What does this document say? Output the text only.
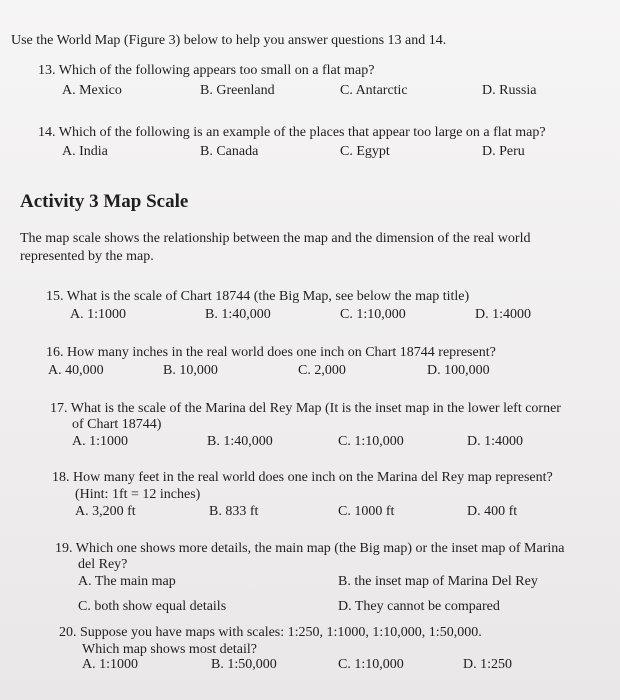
Use the World Map (Figure 3) below to help you answer questions 13 and 14.
13. Which of the following appears too small on a flat map?
A. Mexico	B. Greenland	C. Antarctic	D. Russia
14. Which of the following is an example of the places that appear too large on a flat map?
A. India	B. Canada	C. Egypt	D. Peru
Activity 3 Map Scale
The map scale shows the relationship between the map and the dimension of the real world
represented by the map.
15. What is the scale of Chart 18744 (the Big Map, see below the map title)
A. 1:1000	B. 1:40,000	C. 1:10,000	D. 1:4000
16. How many inches in the real world does one inch on Chart 18744 represent?
A. 40,000	B. 10,000	C. 2,000	D. 100,000
17. What is the scale of the Marina del Rey Map (It is the inset map in the lower left corner
of Chart 18744)
A. 1:1000	B. 1:40,000	C. 1:10,000	D. 1:4000
18. How many feet in the real world does one inch on the Marina del Rey map represent?
(Hint: 1ft = 12 inches)
A. 3,200 ft	B. 833 ft	C. 1000 ft	D. 400 ft
19. Which one shows more details, the main map (the Big map) or the inset map of Marina
del Rey?
A. The main map	B. the inset map of Marina Del Rey
C. both show equal details	D. They cannot be compared
20. Suppose you have maps with scales: 1:250, 1:1000, 1:10,000, 1:50,000.
Which map shows most detail?
A. 1:1000	B. 1:50,000	C. 1:10,000	D. 1:250
